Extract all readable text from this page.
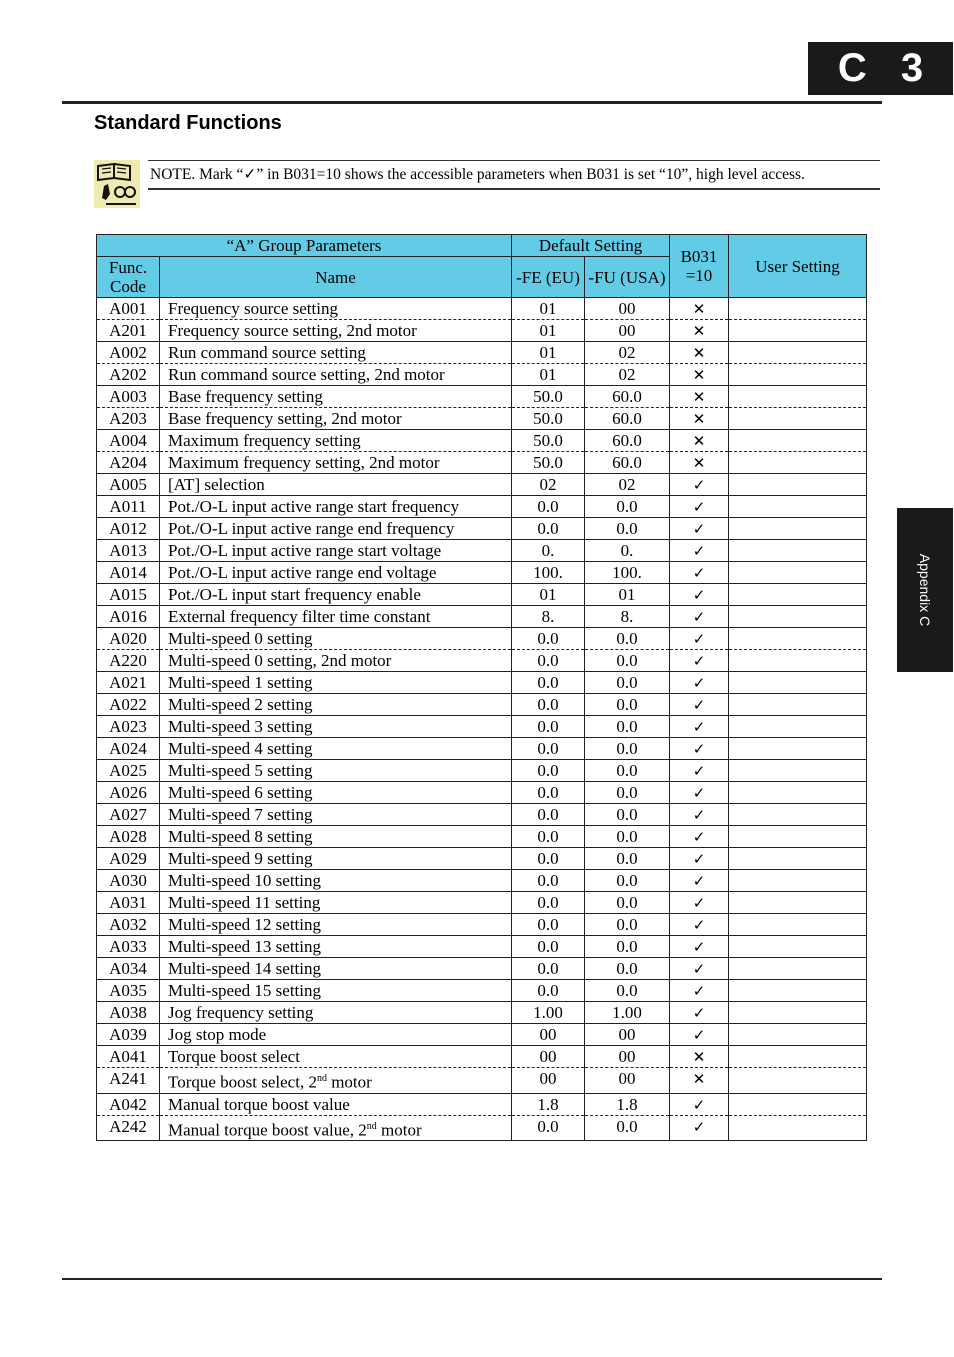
C 3
Standard Functions
NOTE. Mark “✓” in B031=10 shows the accessible parameters when B031 is set “10”, high level access.
Appendix C
“A” Group Parameters		Default Setting		B031 =10	User Setting
Func. Code	Name	-FE (EU)	-FU (USA)		
A001	Frequency source setting	01	00	✕	
A201	Frequency source setting, 2nd motor	01	00	✕	
A002	Run command source setting	01	02	✕	
A202	Run command source setting, 2nd motor	01	02	✕	
A003	Base frequency setting	50.0	60.0	✕	
A203	Base frequency setting, 2nd motor	50.0	60.0	✕	
A004	Maximum frequency setting	50.0	60.0	✕	
A204	Maximum frequency setting, 2nd motor	50.0	60.0	✕	
A005	[AT] selection	02	02	✓	
A011	Pot./O-L input active range start frequency	0.0	0.0	✓	
A012	Pot./O-L input active range end frequency	0.0	0.0	✓	
A013	Pot./O-L input active range start voltage	0.	0.	✓	
A014	Pot./O-L input active range end voltage	100.	100.	✓	
A015	Pot./O-L input start frequency enable	01	01	✓	
A016	External frequency filter time constant	8.	8.	✓	
A020	Multi-speed 0 setting	0.0	0.0	✓	
A220	Multi-speed 0 setting, 2nd motor	0.0	0.0	✓	
A021	Multi-speed 1 setting	0.0	0.0	✓	
A022	Multi-speed 2 setting	0.0	0.0	✓	
A023	Multi-speed 3 setting	0.0	0.0	✓	
A024	Multi-speed 4 setting	0.0	0.0	✓	
A025	Multi-speed 5 setting	0.0	0.0	✓	
A026	Multi-speed 6 setting	0.0	0.0	✓	
A027	Multi-speed 7 setting	0.0	0.0	✓	
A028	Multi-speed 8 setting	0.0	0.0	✓	
A029	Multi-speed 9 setting	0.0	0.0	✓	
A030	Multi-speed 10 setting	0.0	0.0	✓	
A031	Multi-speed 11 setting	0.0	0.0	✓	
A032	Multi-speed 12 setting	0.0	0.0	✓	
A033	Multi-speed 13 setting	0.0	0.0	✓	
A034	Multi-speed 14 setting	0.0	0.0	✓	
A035	Multi-speed 15 setting	0.0	0.0	✓	
A038	Jog frequency setting	1.00	1.00	✓	
A039	Jog stop mode	00	00	✓	
A041	Torque boost select	00	00	✕	
A241	Torque boost select, 2nd motor	00	00	✕	
A042	Manual torque boost value	1.8	1.8	✓	
A242	Manual torque boost value, 2nd motor	0.0	0.0	✓	
